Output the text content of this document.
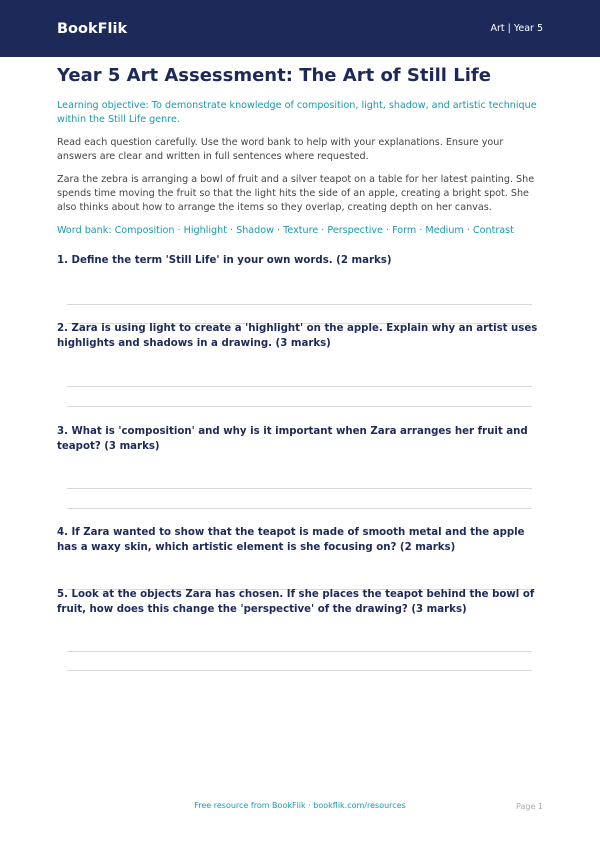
BookFlik	Art | Year 5
Year 5 Art Assessment: The Art of Still Life
Learning objective: To demonstrate knowledge of composition, light, shadow, and artistic technique within the Still Life genre.
Read each question carefully. Use the word bank to help with your explanations. Ensure your answers are clear and written in full sentences where requested.
Zara the zebra is arranging a bowl of fruit and a silver teapot on a table for her latest painting. She spends time moving the fruit so that the light hits the side of an apple, creating a bright spot. She also thinks about how to arrange the items so they overlap, creating depth on her canvas.
Word bank: Composition · Highlight · Shadow · Texture · Perspective · Form · Medium · Contrast
1. Define the term 'Still Life' in your own words. (2 marks)
2. Zara is using light to create a 'highlight' on the apple. Explain why an artist uses highlights and shadows in a drawing. (3 marks)
3. What is 'composition' and why is it important when Zara arranges her fruit and teapot? (3 marks)
4. If Zara wanted to show that the teapot is made of smooth metal and the apple has a waxy skin, which artistic element is she focusing on? (2 marks)
5. Look at the objects Zara has chosen. If she places the teapot behind the bowl of fruit, how does this change the 'perspective' of the drawing? (3 marks)
Free resource from BookFlik · bookflik.com/resources	Page 1
